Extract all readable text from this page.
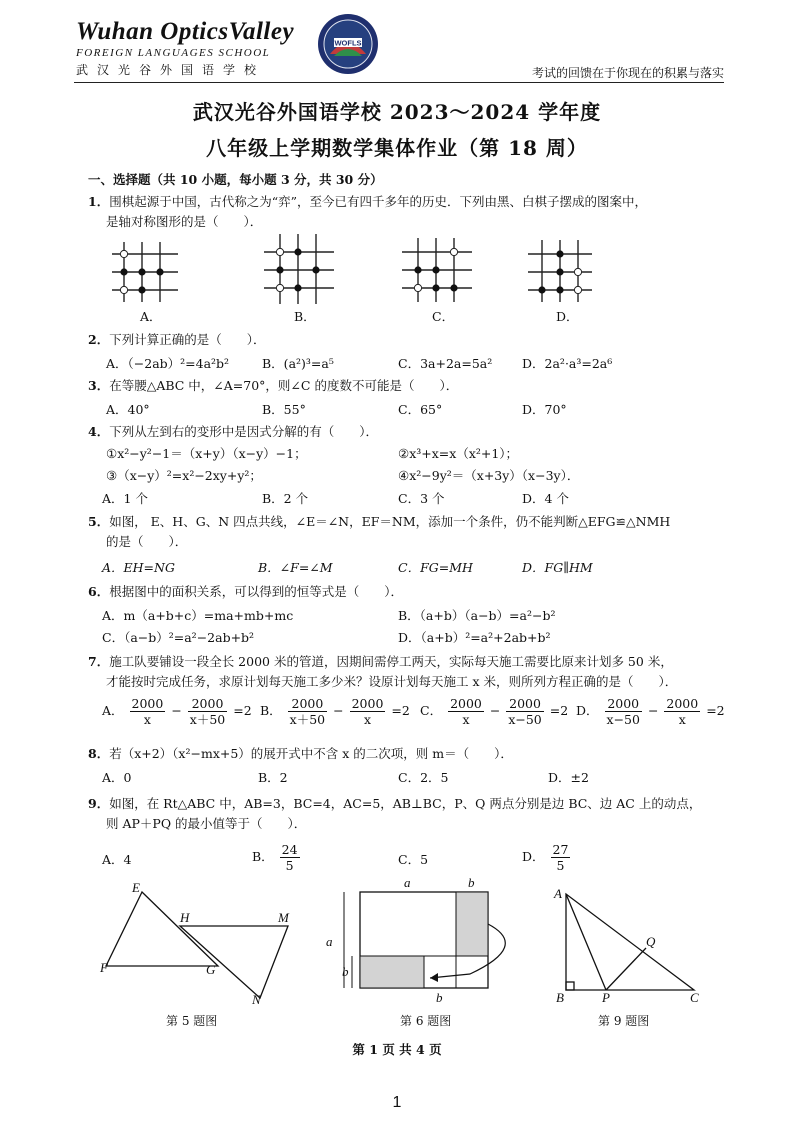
Wuhan OpticsValley
FOREIGN LANGUAGES SCHOOL
武汉光谷外国语学校
WOFLS
考试的回馈在于你现在的积累与落实
武汉光谷外国语学校 2023～2024 学年度
八年级上学期数学集体作业（第 18 周）
一、选择题（共 10 小题，每小题 3 分，共 30 分）
1．围棋起源于中国，古代称之为“弈”，至今已有四千多年的历史．下列由黑、白棋子摆成的图案中，
是轴对称图形的是（　　）．
A．	B．	C．	D．
2．下列计算正确的是（　　）．
A．（−2ab）²=4a²b²	B．(a²)³=a⁵	C．3a+2a=5a² D．2a²·a³=2a⁶
3．在等腰△ABC 中，∠A=70°，则∠C 的度数不可能是（　　）．
A．40°	B．55°	C．65°	D．70°
4．下列从左到右的变形中是因式分解的有（　　）．
①x²−y²−1＝（x+y）（x−y）−1；	②x³+x=x（x²+1）；
③（x−y）²=x²−2xy+y²；	④x²−9y²＝（x+3y）（x−3y）．
A．1 个	B．2 个	C．3 个	D．4 个
5．如图， E、H、G、N 四点共线，∠E＝∠N，EF＝NM，添加一个条件，仍不能判断△EFG≌△NMH
的是（　　）．
A．EH=NG	B．∠F=∠M	C．FG=MH	D．FG∥HM
6．根据图中的面积关系，可以得到的恒等式是（　　）．
A．m（a+b+c）=ma+mb+mc	B．（a+b）（a−b）=a²−b²
C．（a−b）²=a²−2ab+b²	D．（a+b）²=a²+2ab+b²
7．施工队要铺设一段全长 2000 米的管道，因期间需停工两天，实际每天施工需要比原来计划多 50 米，
才能按时完成任务，求原计划每天施工多少米？设原计划每天施工 x 米，则所列方程正确的是（　　）．
A． $\frac{2000}{x} - \frac{2000}{x+50} =2$ B． $\frac{2000}{x+50} - \frac{2000}{x} =2$ C． $\frac{2000}{x} - \frac{2000}{x-50} =2$ D． $\frac{2000}{x-50} - \frac{2000}{x} =2$
8．若（x+2）（x²−mx+5）的展开式中不含 x 的二次项，则 m＝（　　）．
A．0	B．2	C．2．5	D．±2
9．如图，在 Rt△ABC 中，AB=3，BC=4，AC=5，AB⊥BC，P、Q 两点分别是边 BC、边 AC 上的动点，
则 AP＋PQ 的最小值等于（　　）．
A．4	B． $\frac{24}{5}$	C．5	D． $\frac{27}{5}$
E
H	M
F	G
N
第 5 题图
a	b
a
b
b
第 6 题图
A
Q
B	P	C
第 9 题图
第 1 页 共 4 页
1
